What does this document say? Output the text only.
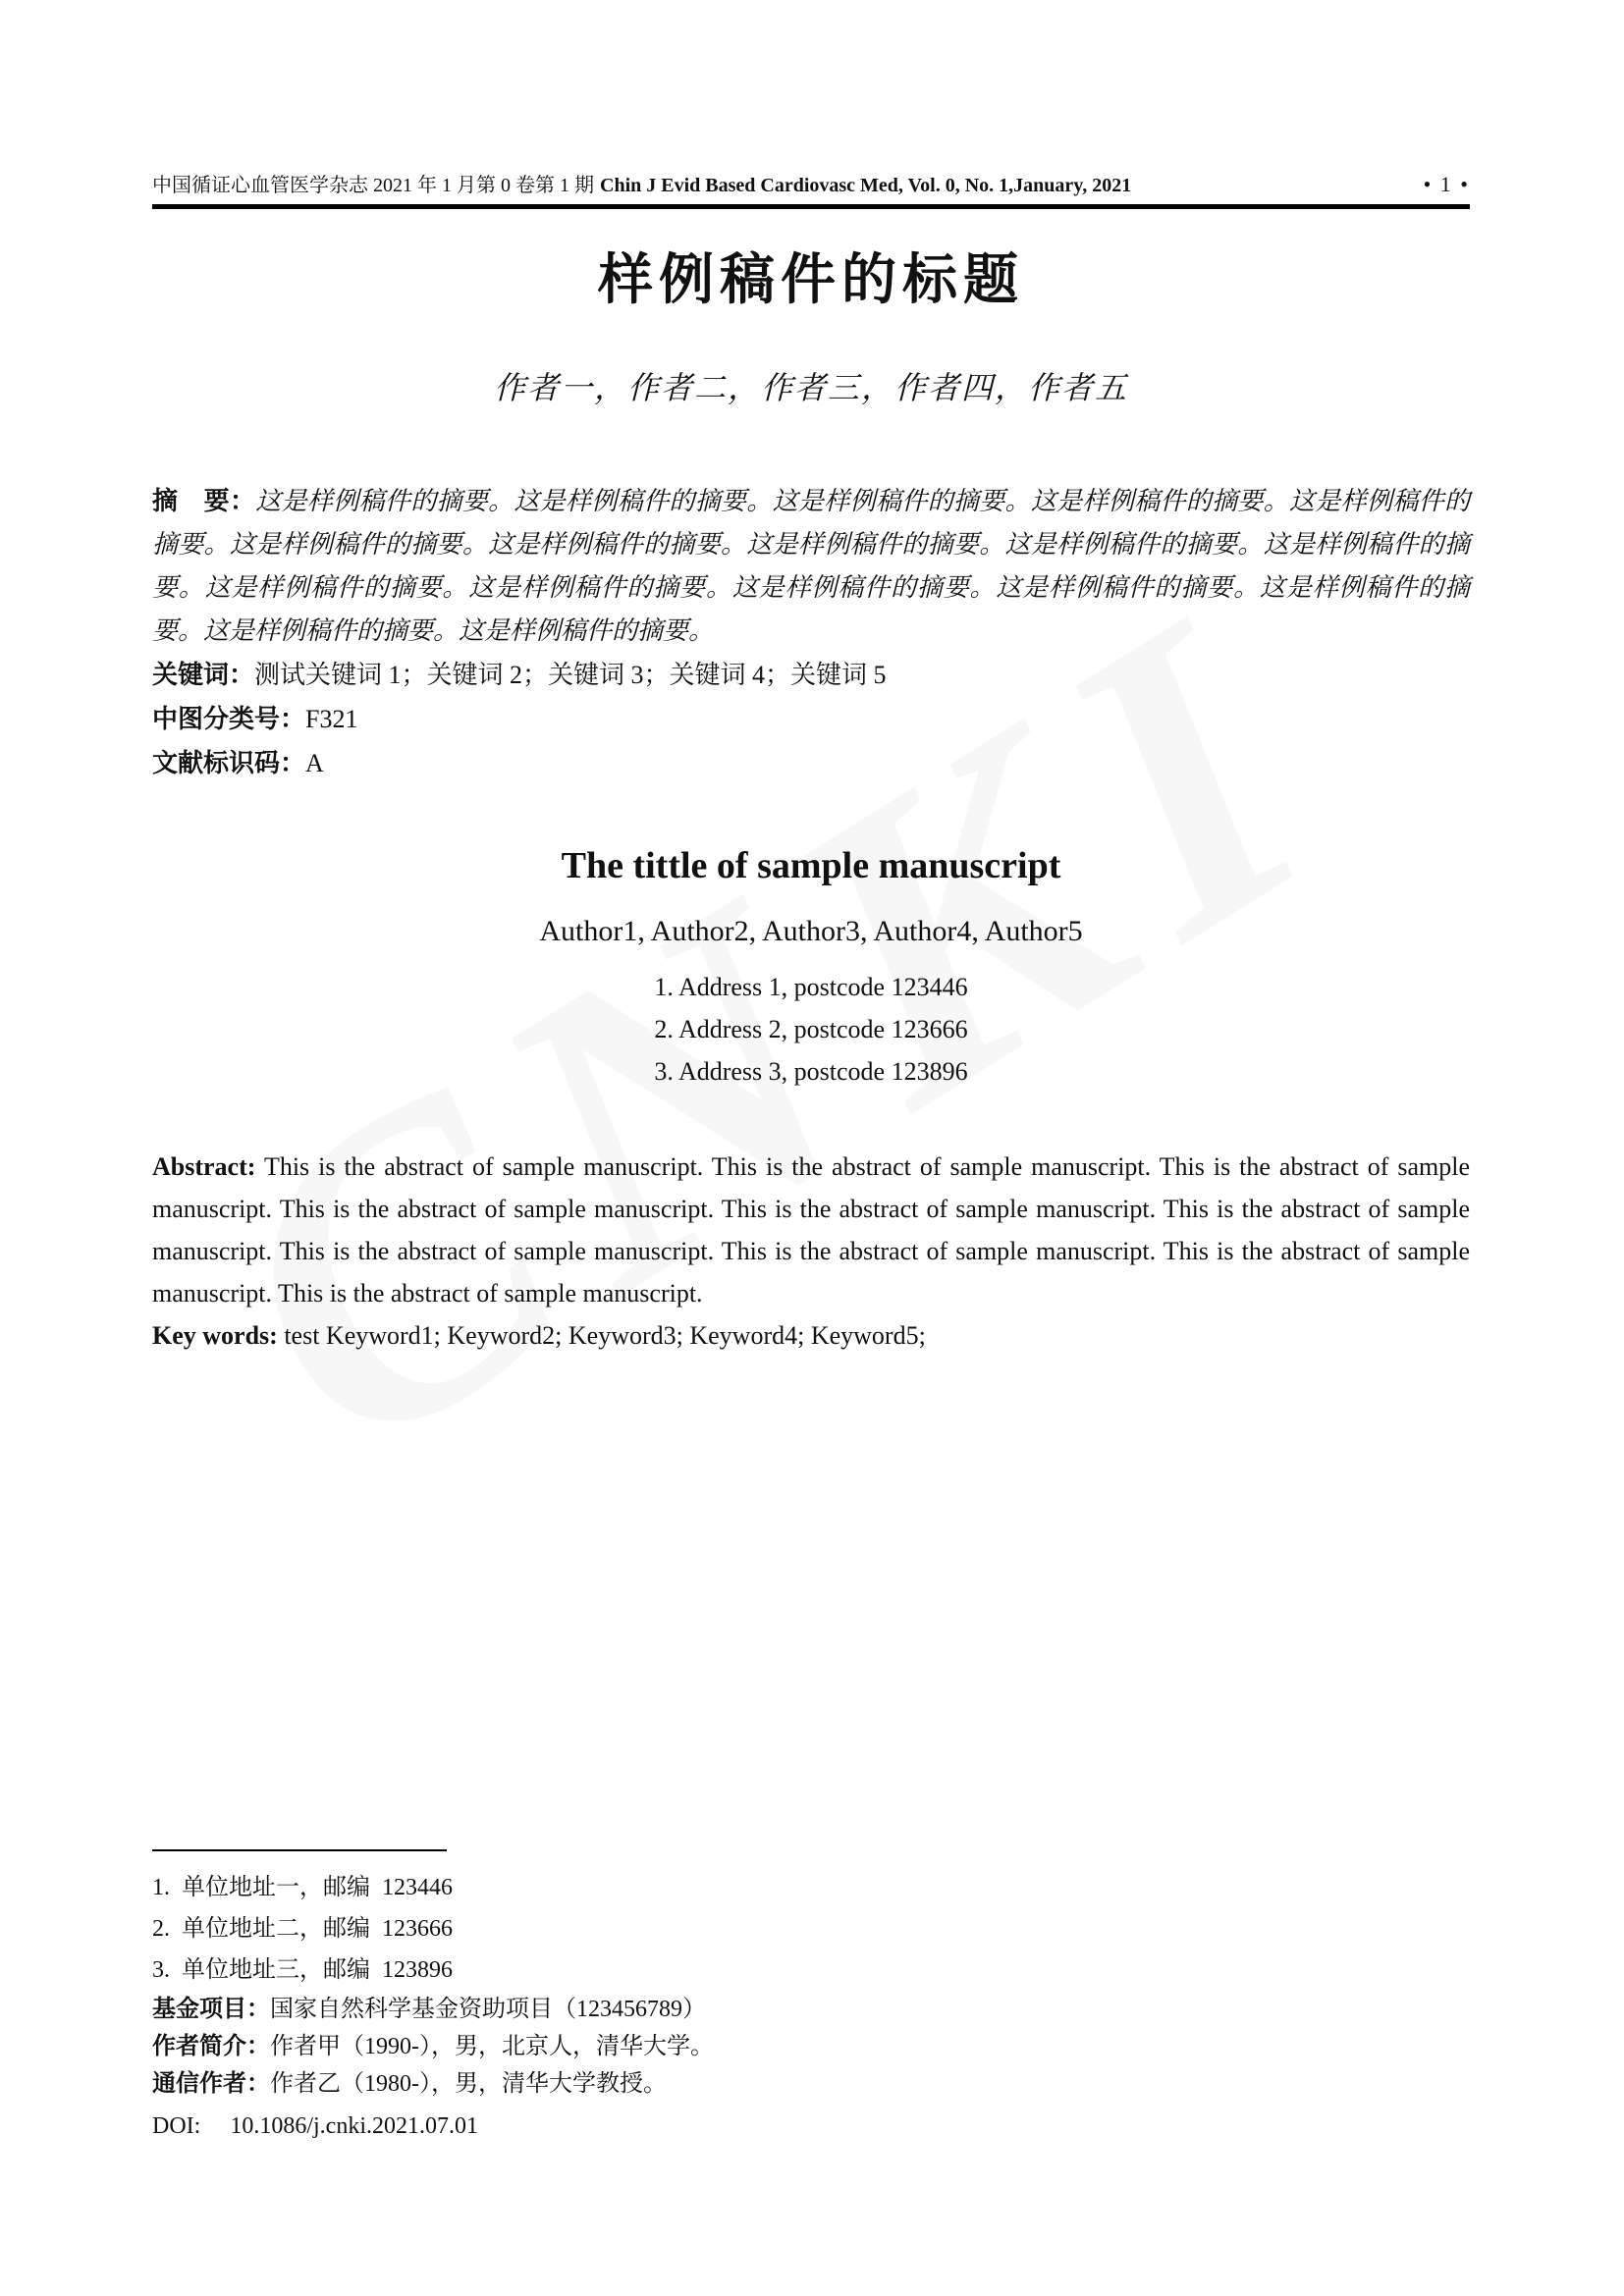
中国循证心血管医学杂志 2021 年 1 月第 0 卷第 1 期 Chin J Evid Based Cardiovasc Med, Vol. 0, No. 1,January, 2021	• 1 •
样例稿件的标题
作者一，作者二，作者三，作者四，作者五

摘　要：这是样例稿件的摘要。这是样例稿件的摘要。这是样例稿件的摘要。这是样例稿件的摘要。这是样例稿件的摘要。这是样例稿件的摘要。这是样例稿件的摘要。这是样例稿件的摘要。这是样例稿件的摘要。这是样例稿件的摘要。这是样例稿件的摘要。这是样例稿件的摘要。这是样例稿件的摘要。这是样例稿件的摘要。这是样例稿件的摘要。这是样例稿件的摘要。这是样例稿件的摘要。

关键词：测试关键词 1；关键词 2；关键词 3；关键词 4；关键词 5
中图分类号：F321
文献标识码：A
The tittle of sample manuscript
Author1, Author2, Author3, Author4, Author5
1. Address 1, postcode 123446
2. Address 2, postcode 123666
3. Address 3, postcode 123896

Abstract: This is the abstract of sample manuscript. This is the abstract of sample manuscript. This is the abstract of sample manuscript. This is the abstract of sample manuscript. This is the abstract of sample manuscript. This is the abstract of sample manuscript. This is the abstract of sample manuscript. This is the abstract of sample manuscript. This is the abstract of sample manuscript. This is the abstract of sample manuscript.

Key words: test Keyword1; Keyword2; Keyword3; Keyword4; Keyword5;
1.  单位地址一，邮编  123446
2.  单位地址二，邮编  123666
3.  单位地址三，邮编  123896
基金项目：国家自然科学基金资助项目（123456789）
作者简介：作者甲（1990-），男，北京人，清华大学。
通信作者：作者乙（1980-），男，清华大学教授。
DOI: 10.1086/j.cnki.2021.07.01
